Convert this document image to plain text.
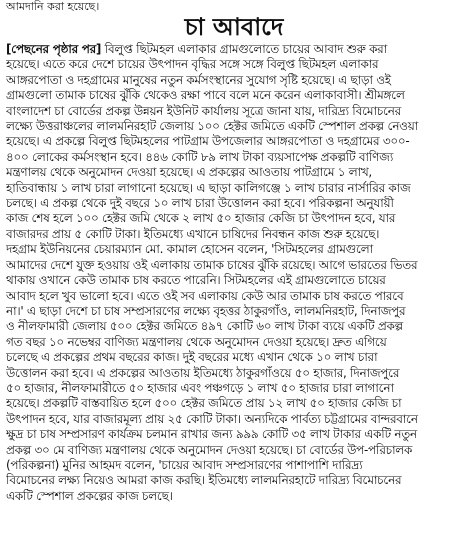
আমদানি করা হয়েছে।
চা আবাদে
[পেছনের পৃষ্ঠার পর] বিলুপ্ত ছিটমহল এলাকার গ্রামগুলোতে চায়ের আবাদ শুরু করা
হয়েছে। এতে করে দেশে চায়ের উৎপাদন বৃদ্ধির সঙ্গে সঙ্গে বিলুপ্ত ছিটমহল এলাকার
আঙ্গরপোতা ও দহগ্রামের মানুষের নতুন কর্মসংস্থানের সুযোগ সৃষ্টি হয়েছে। এ ছাড়া ওই
গ্রামগুলো তামাক চাষের ঝুঁকি থেকেও রক্ষা পাবে বলে মনে করেন এলাকাবাসী। শ্রীমঙ্গলে
বাংলাদেশ চা বোর্ডের প্রকল্প উন্নয়ন ইউনিট কার্যালয় সূত্রে জানা যায়, দারিদ্র্য বিমোচনের
লক্ষ্যে উত্তরাঞ্চলের লালমনিরহাট জেলায় ১০০ হেক্টর জমিতে একটি স্পেশাল প্রকল্প নেওয়া
হয়েছে। এ প্রকল্পে বিলুপ্ত ছিটমহলের পাটগ্রাম উপজেলার আঙ্গরপোতা ও দহগ্রামের ৩০০-
৪০০ লোকের কর্মসংস্থান হবে। ৪৪৬ কোটি ৮৯ লাখ টাকা ব্যয়সাপেক্ষ প্রকল্পটি বাণিজ্য
মন্ত্রণালয় থেকে অনুমোদন দেওয়া হয়েছে। এ প্রকল্পের আওতায় পাটগ্রামে ১ লাখ,
হাতিবান্ধায় ১ লাখ চারা লাগানো হয়েছে। এ ছাড়া কালিগঞ্জে ১ লাখ চারার নার্সারির কাজ
চলছে। এ প্রকল্প থেকে দুই বছরে ১০ লাখ চারা উত্তোলন করা হবে। পরিকল্পনা অনুযায়ী
কাজ শেষ হলে ১০০ হেক্টর জমি থেকে ২ লাখ ৫০ হাজার কেজি চা উৎপাদন হবে, যার
বাজারদর প্রায় ৫ কোটি টাকা। ইতিমধ্যে এখানে চাষিদের নিবন্ধন কাজ শুরু হয়েছে।
দহগ্রাম ইউনিয়নের চেয়ারম্যান মো. কামাল হোসেন বলেন, 'সিটমহলের গ্রামগুলো
আমাদের দেশে যুক্ত হওয়ায় ওই এলাকায় তামাক চাষের ঝুঁকি রয়েছে। আগে ভারতের ভিতর
থাকায় ওখানে কেউ তামাক চাষ করতে পারেনি। সিটমহলের এই গ্রামগুলোতে চায়ের
আবাদ হলে খুব ভালো হবে। এতে ওই সব এলাকায় কেউ আর তামাক চাষ করতে পারবে
না।' এ ছাড়া দেশে চা চাষ সম্প্রসারণের লক্ষ্যে বৃহত্তর ঠাকুরগাঁও, লালমনিরহাট, দিনাজপুর
ও নীলফামারী জেলায় ৫০০ হেক্টর জমিতে ৪৯৭ কোটি ৬০ লাখ টাকা ব্যয়ে একটি প্রকল্প
গত বছর ১০ নভেম্বর বাণিজ্য মন্ত্রণালয় থেকে অনুমোদন দেওয়া হয়েছে। দ্রুত এগিয়ে
চলেছে এ প্রকল্পের প্রথম বছরের কাজ। দুই বছরের মধ্যে এখান থেকে ১০ লাখ চারা
উত্তোলন করা হবে। এ প্রকল্পের আওতায় ইতিমধ্যে ঠাকুরগাঁওয়ে ৫০ হাজার, দিনাজপুরে
৫০ হাজার, নীলফামারীতে ৫০ হাজার এবং পঞ্চগড়ে ১ লাখ ৫০ হাজার চারা লাগানো
হয়েছে। প্রকল্পটি বাস্তবায়িত হলে ৫০০ হেক্টর জমিতে প্রায় ১২ লাখ ৫০ হাজার কেজি চা
উৎপাদন হবে, যার বাজারমূল্য প্রায় ২৫ কোটি টাকা। অন্যদিকে পার্বত্য চট্টগ্রামের বান্দরবানে
ক্ষুদ্র চা চাষ সম্প্রসারণ কার্যক্রম চলমান রাখার জন্য ৯৯৯ কোটি ৩৫ লাখ টাকার একটি নতুন
প্রকল্প ৩০ মে বাণিজ্য মন্ত্রণালয় থেকে অনুমোদন দেওয়া হয়েছে। চা বোর্ডের উপ-পরিচালক
(পরিকল্পনা) মুনির আহমদ বলেন, 'চায়ের আবাদ সম্প্রসারণের পাশাপাশি দারিদ্র্য
বিমোচনের লক্ষ্য নিয়েও আমরা কাজ করছি। ইতিমধ্যে লালমনিরহাটে দারিদ্র্য বিমোচনের
একটি স্পেশাল প্রকল্পের কাজ চলছে।
